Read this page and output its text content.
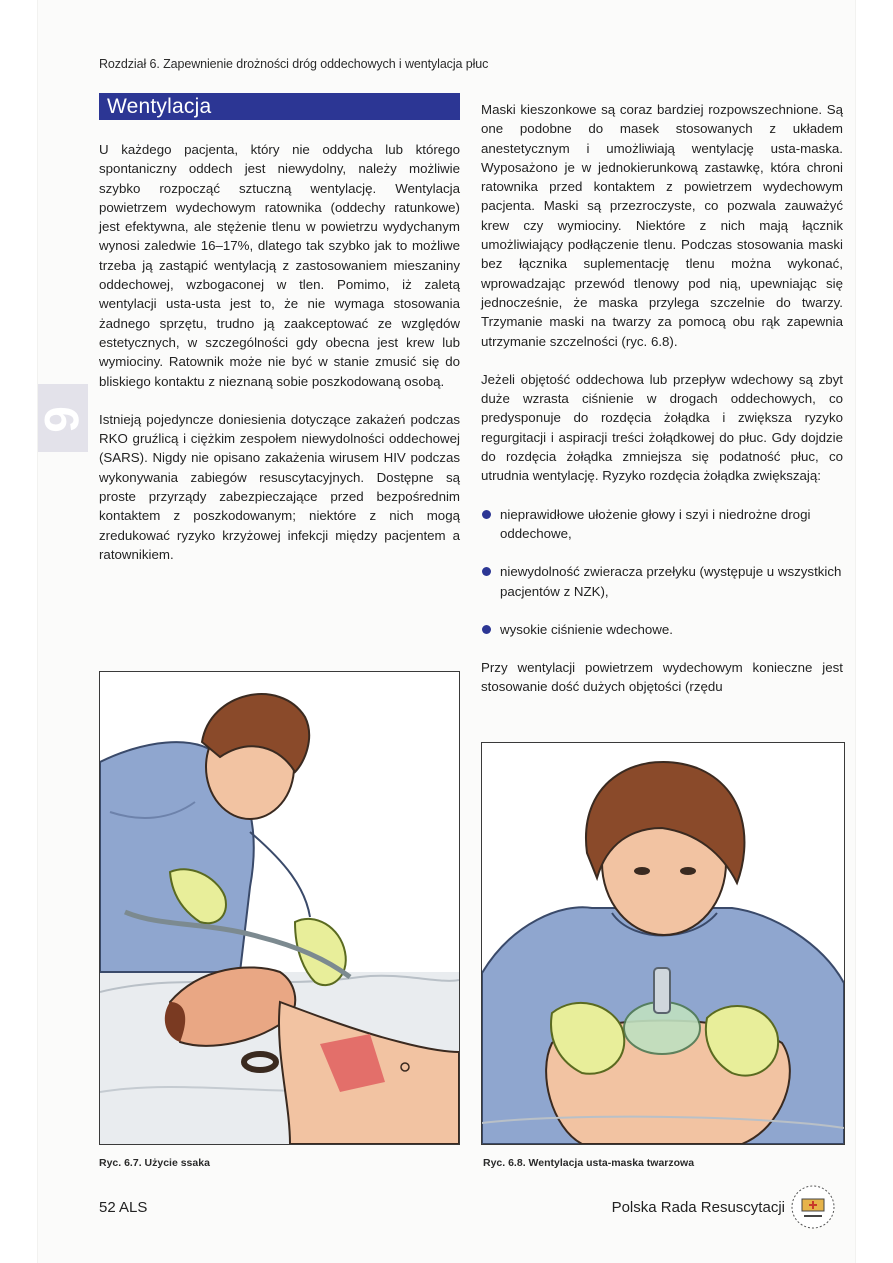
Rozdział 6. Zapewnienie drożności dróg oddechowych i wentylacja płuc
6
Wentylacja

U każdego pacjenta, który nie oddycha lub którego spontaniczny oddech jest niewydolny, należy możliwie szybko rozpocząć sztuczną wentylację. Wentylacja powietrzem wydechowym ratownika (oddechy ratunkowe) jest efektywna, ale stężenie tlenu w powietrzu wydychanym wynosi zaledwie 16–17%, dlatego tak szybko jak to możliwe trzeba ją zastąpić wentylacją z zastosowaniem mieszaniny oddechowej, wzbogaconej w tlen. Pomimo, iż zaletą wentylacji usta-usta jest to, że nie wymaga stosowania żadnego sprzętu, trudno ją zaakceptować ze względów estetycznych, w szczególności gdy obecna jest krew lub wymiociny. Ratownik może nie być w stanie zmusić się do bliskiego kontaktu z nieznaną sobie poszkodowaną osobą.

Istnieją pojedyncze doniesienia dotyczące zakażeń podczas RKO gruźlicą i ciężkim zespołem niewydolności oddechowej (SARS). Nigdy nie opisano zakażenia wirusem HIV podczas wykonywania zabiegów resuscytacyjnych. Dostępne są proste przyrządy zabezpieczające przed bezpośrednim kontaktem z poszkodowanym; niektóre z nich mogą zredukować ryzyko krzyżowej infekcji między pacjentem a ratownikiem.

Maski kieszonkowe są coraz bardziej rozpowszechnione. Są one podobne do masek stosowanych z układem anestetycznym i umożliwiają wentylację usta-maska. Wyposażono je w jednokierunkową zastawkę, która chroni ratownika przed kontaktem z powietrzem wydechowym pacjenta. Maski są przezroczyste, co pozwala zauważyć krew czy wymiociny. Niektóre z nich mają łącznik umożliwiający podłączenie tlenu. Podczas stosowania maski bez łącznika suplementację tlenu można wykonać, wprowadzając przewód tlenowy pod nią, upewniając się jednocześnie, że maska przylega szczelnie do twarzy. Trzymanie maski na twarzy za pomocą obu rąk zapewnia utrzymanie szczelności (ryc. 6.8).

Jeżeli objętość oddechowa lub przepływ wdechowy są zbyt duże wzrasta ciśnienie w drogach oddechowych, co predysponuje do rozdęcia żołądka i zwiększa ryzyko regurgitacji i aspiracji treści żołądkowej do płuc. Gdy dojdzie do rozdęcia żołądka zmniejsza się podatność płuc, co utrudnia wentylację. Ryzyko rozdęcia żołądka zwiększają:

nieprawidłowe ułożenie głowy i szyi i niedrożne drogi oddechowe,
niewydolność zwieracza przełyku (występuje u wszystkich pacjentów z NZK),
wysokie ciśnienie wdechowe.

Przy wentylacji powietrzem wydechowym konieczne jest stosowanie dość dużych objętości (rzędu

Ryc. 6.7. Użycie ssaka	Ryc. 6.8. Wentylacja usta-maska twarzowa
52 ALS	Polska Rada Resuscytacji
